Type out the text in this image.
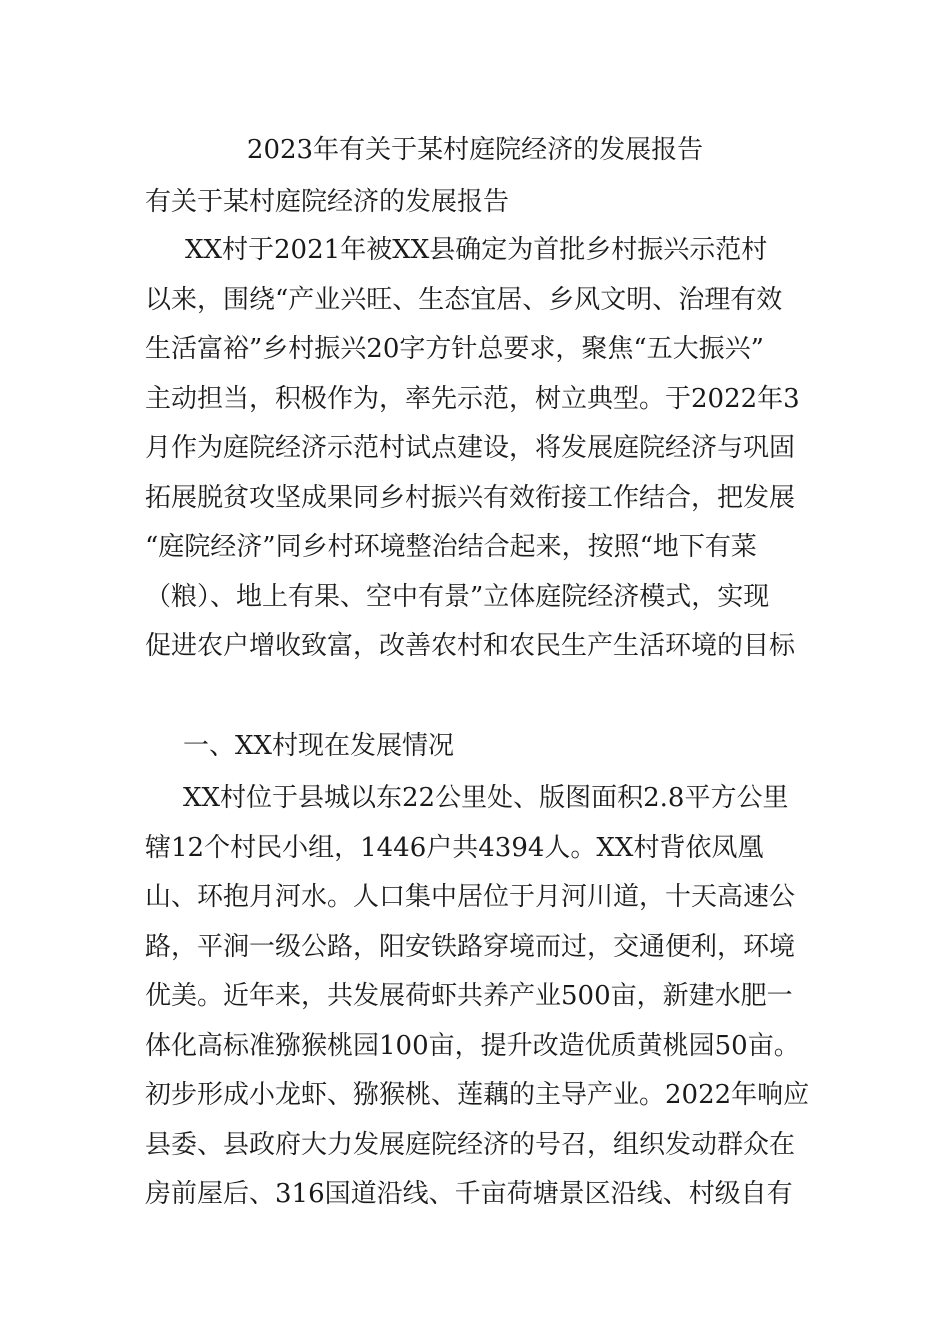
2023年有关于某村庭院经济的发展报告

有关于某村庭院经济的发展报告

XX村于2021年被XX县确定为首批乡村振兴示范村
以来，围绕“产业兴旺、生态宜居、乡风文明、治理有效
生活富裕”乡村振兴20字方针总要求，聚焦“五大振兴”
主动担当，积极作为，率先示范，树立典型。于2022年3
月作为庭院经济示范村试点建设，将发展庭院经济与巩固
拓展脱贫攻坚成果同乡村振兴有效衔接工作结合，把发展
“庭院经济”同乡村环境整治结合起来，按照“地下有菜
（粮）、地上有果、空中有景”立体庭院经济模式，实现
促进农户增收致富，改善农村和农民生产生活环境的目标
一、XX村现在发展情况
XX村位于县城以东22公里处、版图面积2.8平方公里
辖12个村民小组，1446户共4394人。XX村背依凤凰
山、环抱月河水。人口集中居位于月河川道，十天高速公
路，平涧一级公路，阳安铁路穿境而过，交通便利，环境
优美。近年来，共发展荷虾共养产业500亩，新建水肥一
体化高标准猕猴桃园100亩，提升改造优质黄桃园50亩。
初步形成小龙虾、猕猴桃、莲藕的主导产业。2022年响应
县委、县政府大力发展庭院经济的号召，组织发动群众在
房前屋后、316国道沿线、千亩荷塘景区沿线、村级自有
